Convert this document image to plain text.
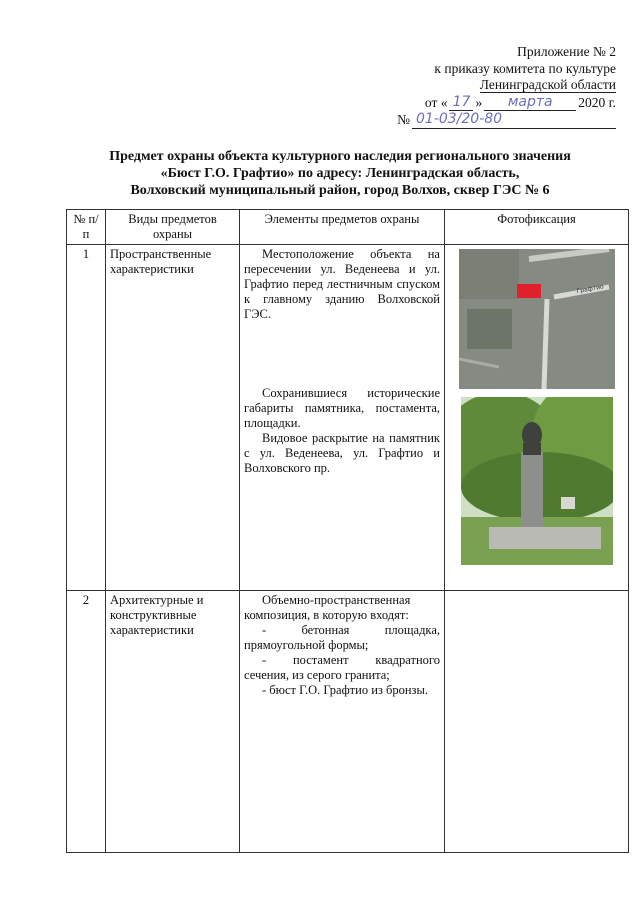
Приложение № 2
к приказу комитета по культуре
Ленинградской области
от « 17 »	марта	2020 г.
№ 01-03/20-80
Предмет охраны объекта культурного наследия регионального значения
«Бюст Г.О. Графтио» по адресу: Ленинградская область,
Волховский муниципальный район, город Волхов, сквер ГЭС № 6
№ п/п	Виды предметов охраны	Элементы предметов охраны	Фотофиксация
1	Пространственные характеристики	Местоположение объекта на пересечении ул. Веденеева и ул. Графтио перед лестничным спуском к главному зданию Волховской ГЭС.
Сохранившиеся исторические габариты памятника, постамента, площадки.
Видовое раскрытие на памятник с ул. Веденеева, ул. Графтио и Волховского пр.	Графтио

2	Архитектурные и конструктивные характеристики	Объемно-пространственная композиция, в которую входят:
- бетонная площадка, прямоугольной формы;
- постамент квадратного сечения, из серого гранита;
- бюст Г.О. Графтио из бронзы.	
